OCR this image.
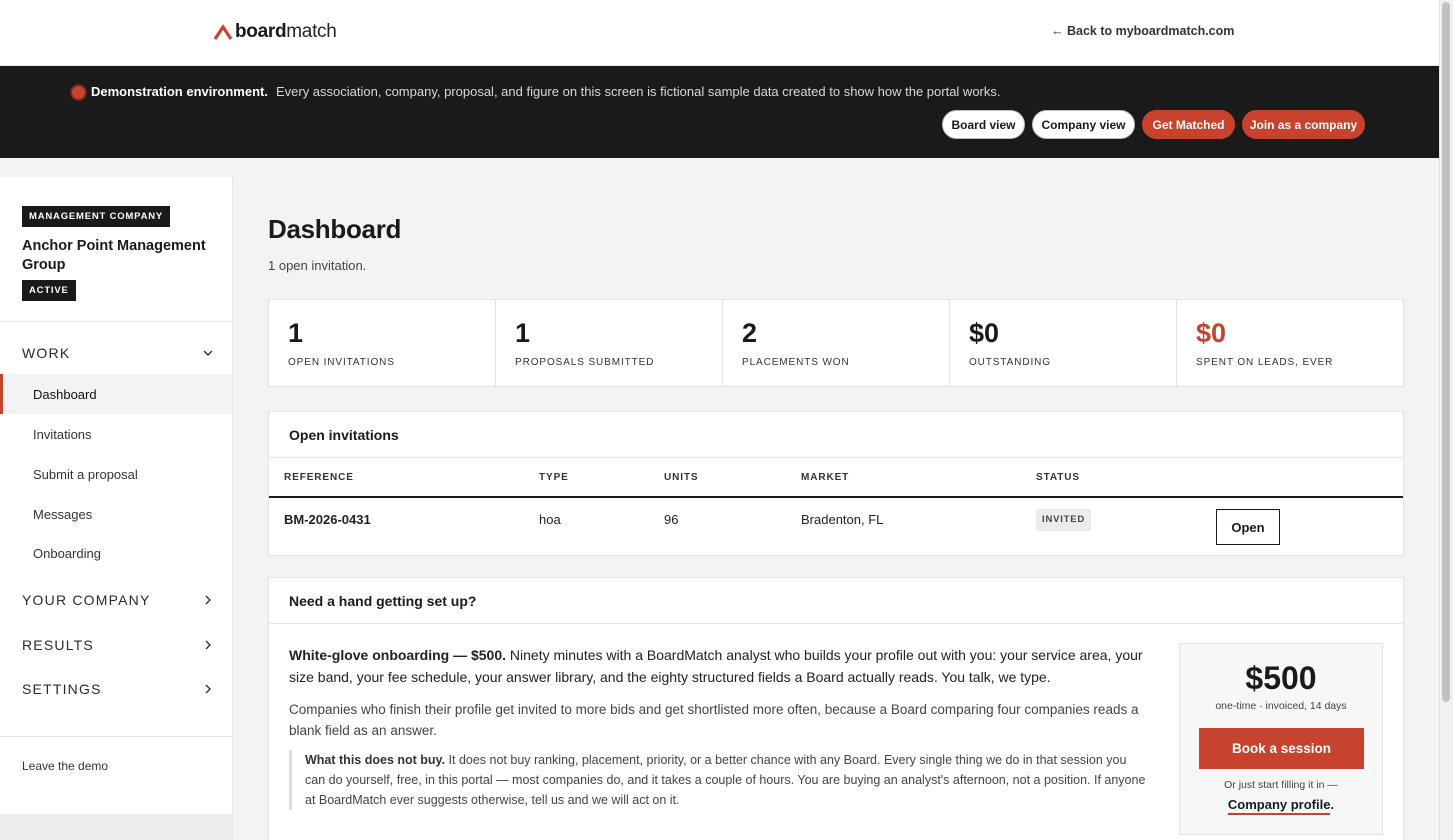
board match	← Back to myboardmatch.com
Demonstration environment. Every association, company, proposal, and figure on this screen is fictional sample data created to show how the portal works.
Board view	Company view	Get Matched	Join as a company
MANAGEMENT COMPANY
Anchor Point Management Group
ACTIVE
WORK
Dashboard
Invitations
Submit a proposal
Messages
Onboarding
YOUR COMPANY
RESULTS
SETTINGS
Leave the demo
Dashboard
1 open invitation.
1
OPEN INVITATIONS
1
PROPOSALS SUBMITTED
2
PLACEMENTS WON
$0
OUTSTANDING
$0
SPENT ON LEADS, EVER
Open invitations
REFERENCE	TYPE	UNITS	MARKET	STATUS
BM-2026-0431	hoa	96	Bradenton, FL	INVITED	Open
Need a hand getting set up?
White-glove onboarding — $500. Ninety minutes with a BoardMatch analyst who builds your profile out with you: your service area, your size band, your fee schedule, your answer library, and the eighty structured fields a Board actually reads. You talk, we type.
Companies who finish their profile get invited to more bids and get shortlisted more often, because a Board comparing four companies reads a blank field as an answer.
What this does not buy. It does not buy ranking, placement, priority, or a better chance with any Board. Every single thing we do in that session you can do yourself, free, in this portal — most companies do, and it takes a couple of hours. You are buying an analyst's afternoon, not a position. If anyone at BoardMatch ever suggests otherwise, tell us and we will act on it.
$500
one-time · invoiced, 14 days
Book a session
Or just start filling it in —
Company profile.
